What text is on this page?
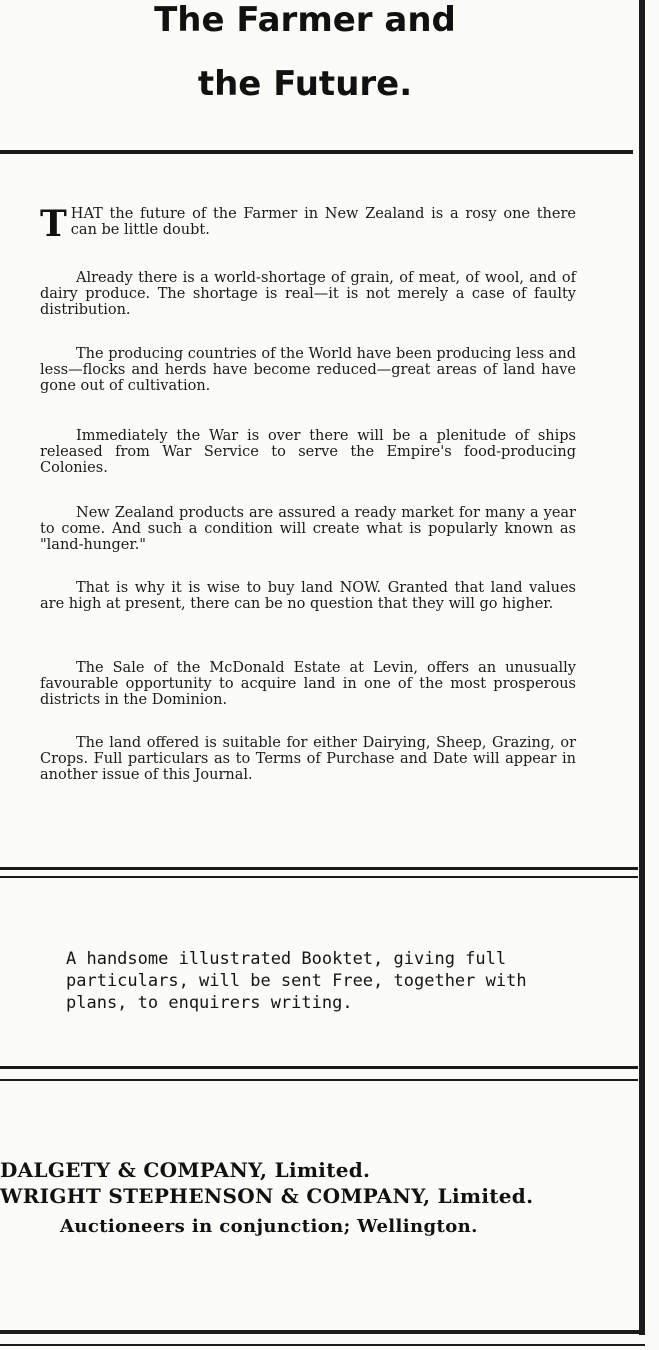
The Farmer and
the Future.

THAT the future of the Farmer in New Zealand is a rosy one there can be little doubt.

Already there is a world-shortage of grain, of meat, of wool, and of dairy produce. The shortage is real—it is not merely a case of faulty distribution.

The producing countries of the World have been producing less and less—flocks and herds have become reduced—great areas of land have gone out of cultivation.

Immediately the War is over there will be a plenitude of ships released from War Service to serve the Empire's food-producing Colonies.

New Zealand products are assured a ready market for many a year to come. And such a condition will create what is popularly known as "land-hunger."

That is why it is wise to buy land NOW. Granted that land values are high at present, there can be no question that they will go higher.

The Sale of the McDonald Estate at Levin, offers an unusually favourable opportunity to acquire land in one of the most prosperous districts in the Dominion.

The land offered is suitable for either Dairying, Sheep, Grazing, or Crops. Full particulars as to Terms of Purchase and Date will appear in another issue of this Journal.

A handsome illustrated Booktet, giving full particulars, will be sent Free, together with plans, to enquirers writing.

DALGETY & COMPANY, Limited.

WRIGHT STEPHENSON & COMPANY, Limited.

Auctioneers in conjunction; Wellington.
